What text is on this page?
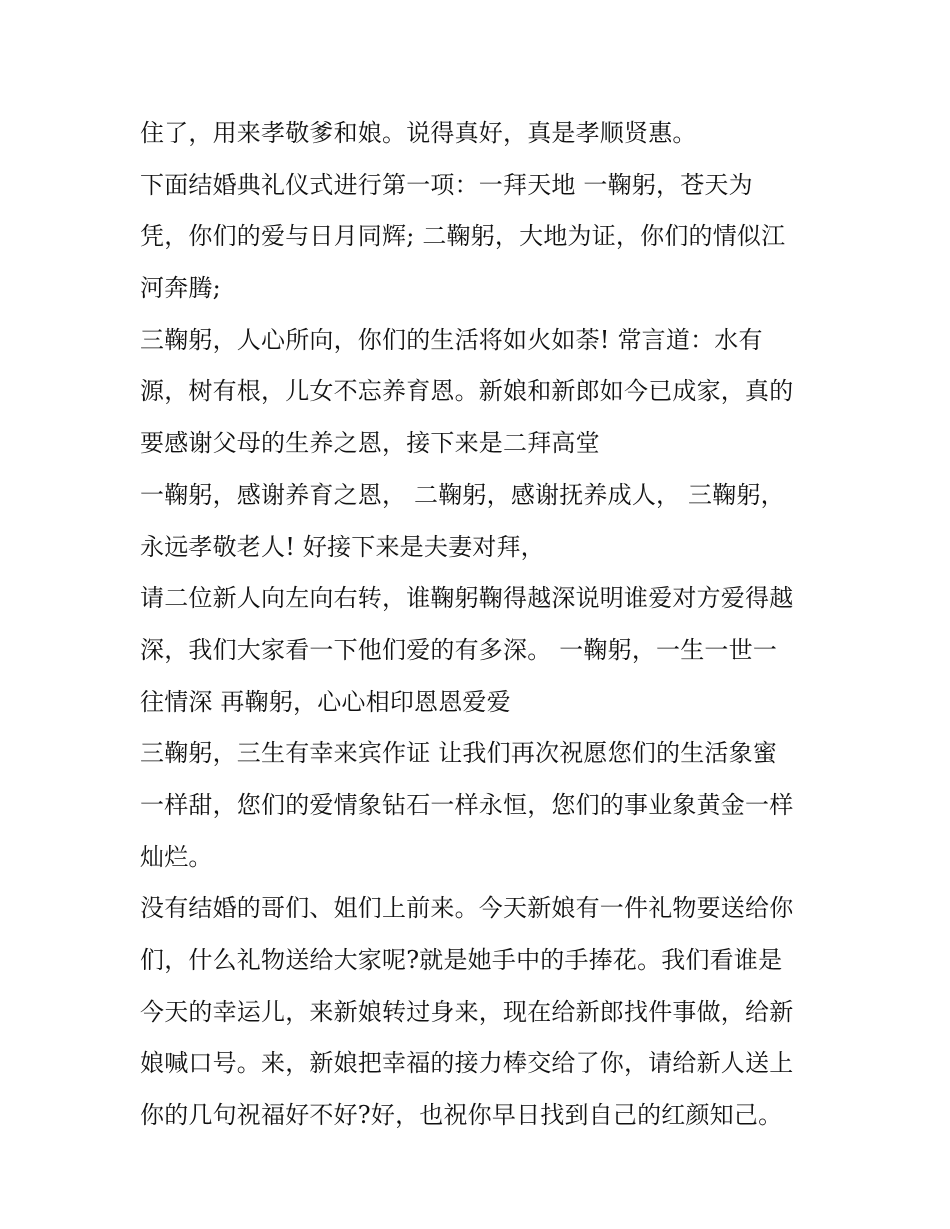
住了，用来孝敬爹和娘。说得真好，真是孝顺贤惠。
下面结婚典礼仪式进行第一项：一拜天地 一鞠躬，苍天为
凭，你们的爱与日月同辉; 二鞠躬，大地为证，你们的情似江
河奔腾;
三鞠躬，人心所向，你们的生活将如火如荼! 常言道：水有
源，树有根，儿女不忘养育恩。新娘和新郎如今已成家，真的
要感谢父母的生养之恩，接下来是二拜高堂
一鞠躬，感谢养育之恩， 二鞠躬，感谢抚养成人， 三鞠躬，
永远孝敬老人! 好接下来是夫妻对拜，
请二位新人向左向右转，谁鞠躬鞠得越深说明谁爱对方爱得越
深，我们大家看一下他们爱的有多深。 一鞠躬，一生一世一
往情深 再鞠躬，心心相印恩恩爱爱
三鞠躬，三生有幸来宾作证 让我们再次祝愿您们的生活象蜜
一样甜，您们的爱情象钻石一样永恒，您们的事业象黄金一样
灿烂。
没有结婚的哥们、姐们上前来。今天新娘有一件礼物要送给你
们，什么礼物送给大家呢?就是她手中的手捧花。我们看谁是
今天的幸运儿，来新娘转过身来，现在给新郎找件事做，给新
娘喊口号。来，新娘把幸福的接力棒交给了你，请给新人送上
你的几句祝福好不好?好，也祝你早日找到自己的红颜知己。
